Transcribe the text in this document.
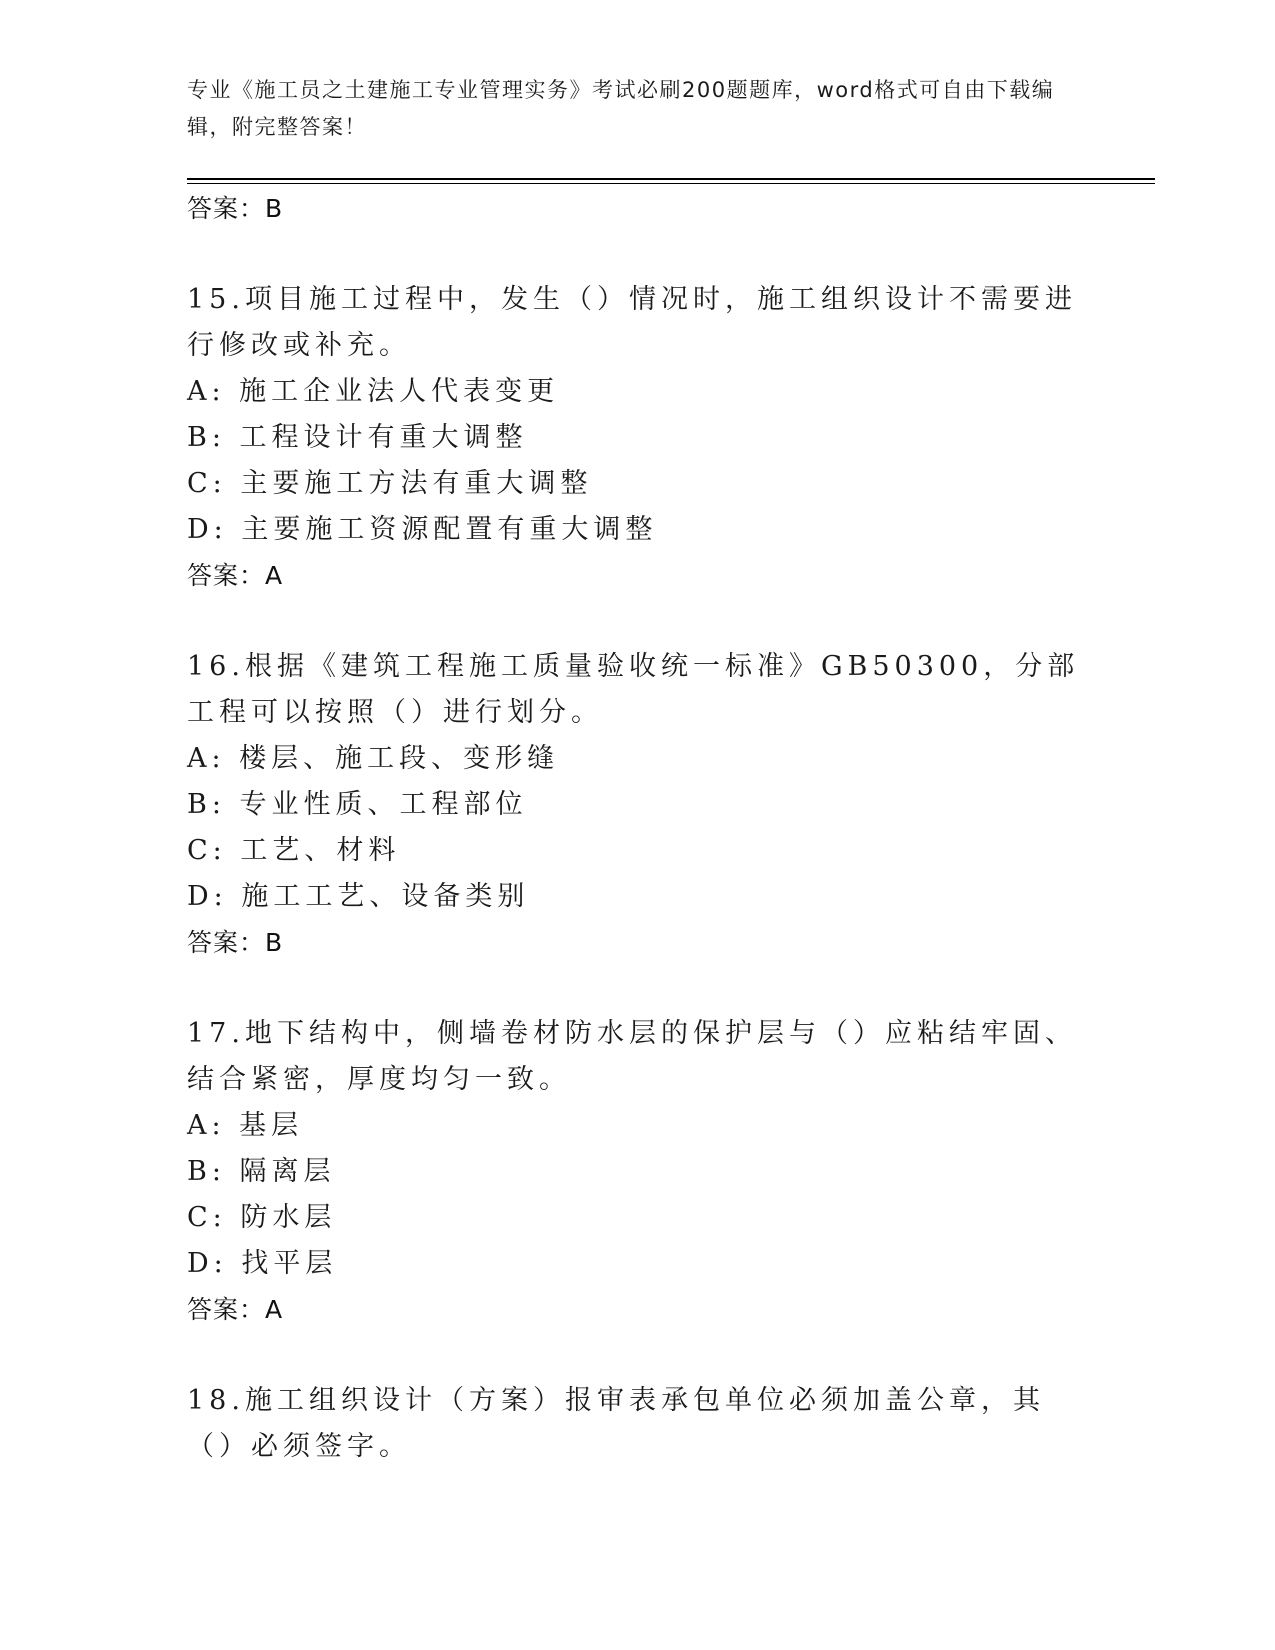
专业《施工员之土建施工专业管理实务》考试必刷200题题库，word格式可自由下载编辑，附完整答案！
答案：B
15.项目施工过程中，发生（）情况时，施工组织设计不需要进行修改或补充。
A: 施工企业法人代表变更
B: 工程设计有重大调整
C: 主要施工方法有重大调整
D: 主要施工资源配置有重大调整
答案：A
16.根据《建筑工程施工质量验收统一标准》GB50300，分部工程可以按照（）进行划分。
A: 楼层、施工段、变形缝
B: 专业性质、工程部位
C: 工艺、材料
D: 施工工艺、设备类别
答案：B
17.地下结构中，侧墙卷材防水层的保护层与（）应粘结牢固、结合紧密，厚度均匀一致。
A: 基层
B: 隔离层
C: 防水层
D: 找平层
答案：A
18.施工组织设计（方案）报审表承包单位必须加盖公章，其（）必须签字。
